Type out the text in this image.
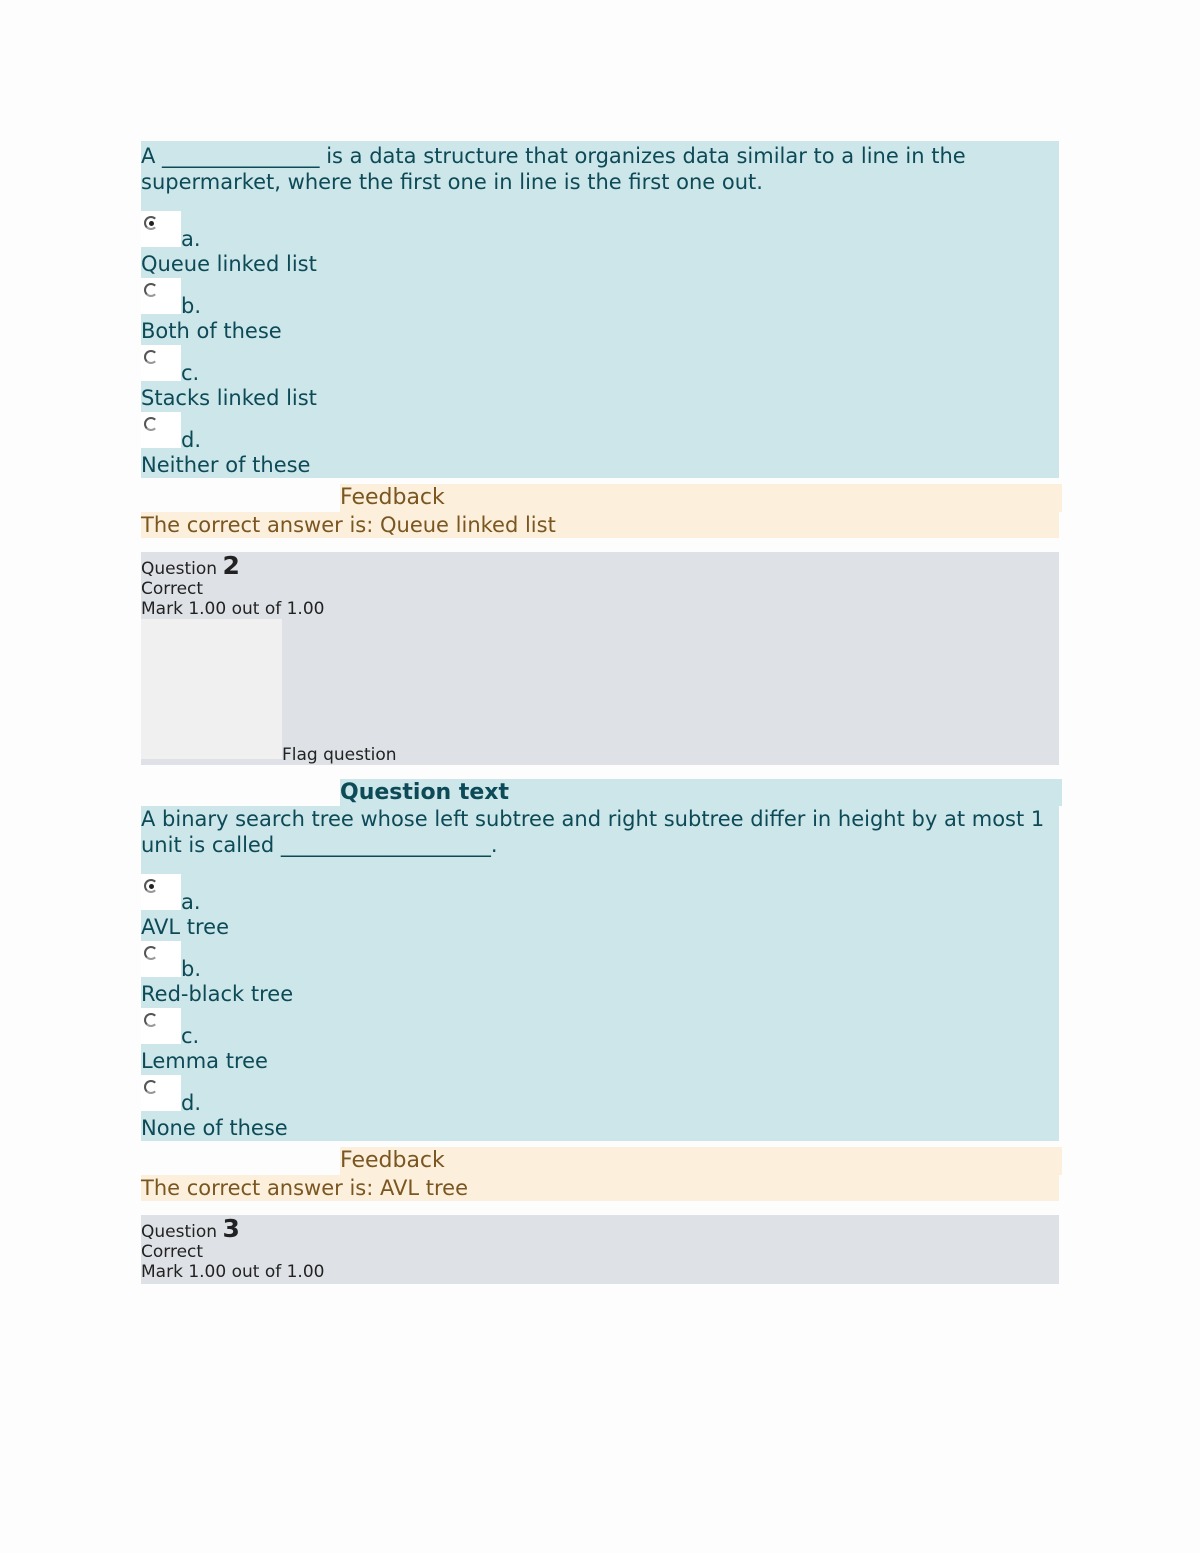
A _______________ is a data structure that organizes data similar to a line in the supermarket, where the first one in line is the first one out.
a.
Queue linked list
b.
Both of these
c.
Stacks linked list
d.
Neither of these
Feedback
The correct answer is: Queue linked list
Question 2
Correct
Mark 1.00 out of 1.00
Flag question
Question text
A binary search tree whose left subtree and right subtree differ in height by at most 1 unit is called ____________________.
a.
AVL tree
b.
Red-black tree
c.
Lemma tree
d.
None of these
Feedback
The correct answer is: AVL tree
Question 3
Correct
Mark 1.00 out of 1.00
